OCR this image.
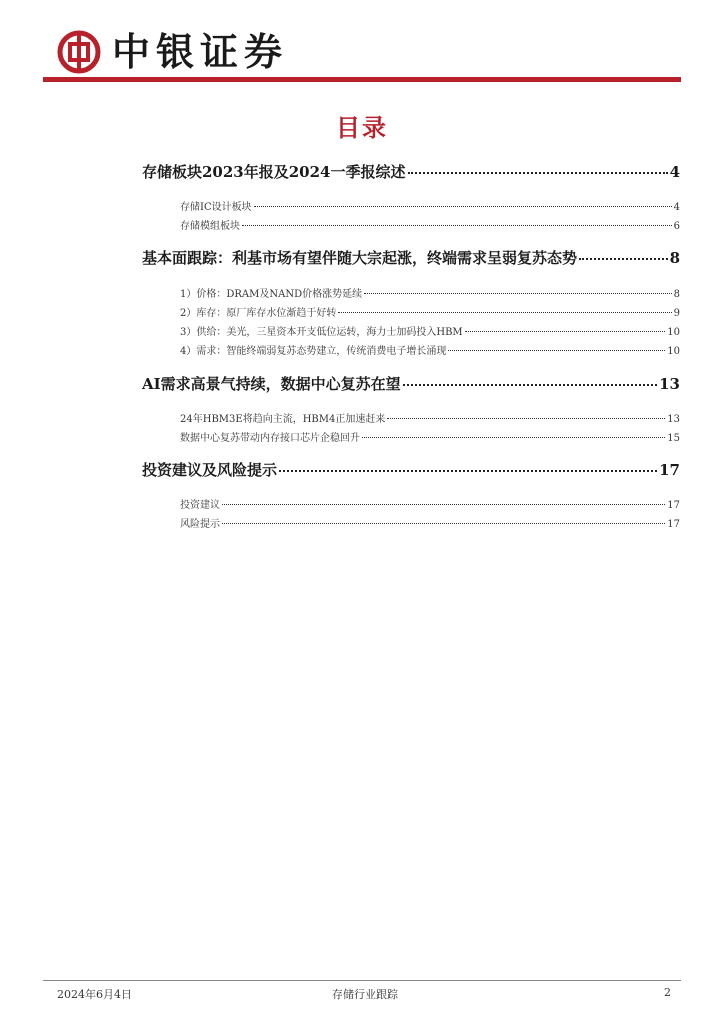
中银证券
目录
存储板块2023年报及2024一季报综述	4
存储IC设计板块	4
存储模组板块	6
基本面跟踪：利基市场有望伴随大宗起涨，终端需求呈弱复苏态势	8
1）价格：DRAM及NAND价格涨势延续	8
2）库存：原厂库存水位渐趋于好转	9
3）供给：美光，三星资本开支低位运转，海力士加码投入HBM	10
4）需求：智能终端弱复苏态势建立，传统消费电子增长涌现	10
AI需求高景气持续，数据中心复苏在望	13
24年HBM3E将趋向主流，HBM4正加速赶来	13
数据中心复苏带动内存接口芯片企稳回升	15
投资建议及风险提示	17
投资建议	17
风险提示	17
2024年6月4日	存储行业跟踪	2
